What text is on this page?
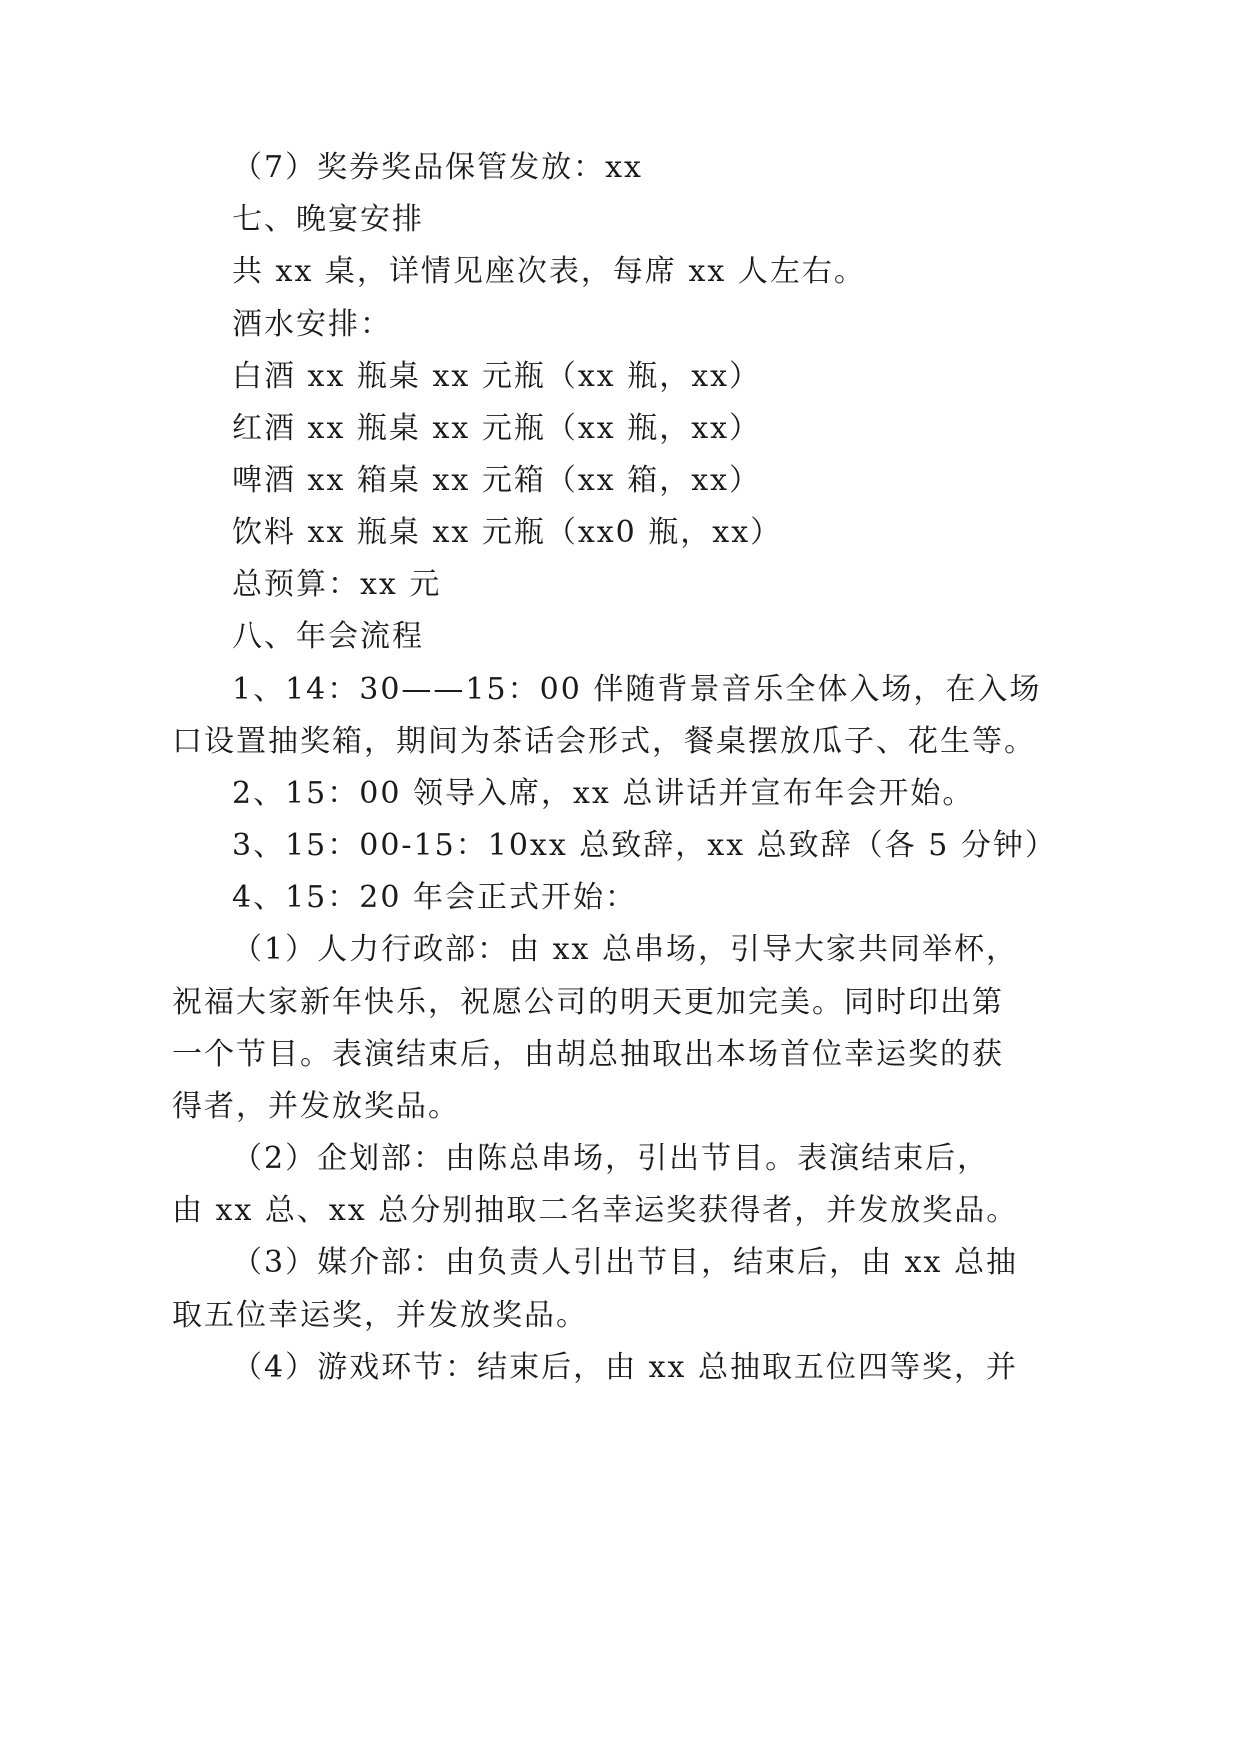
（7）奖券奖品保管发放：xx
七、晚宴安排
共 xx 桌，详情见座次表，每席 xx 人左右。
酒水安排：
白酒 xx 瓶桌 xx 元瓶（xx 瓶，xx）
红酒 xx 瓶桌 xx 元瓶（xx 瓶，xx）
啤酒 xx 箱桌 xx 元箱（xx 箱，xx）
饮料 xx 瓶桌 xx 元瓶（xx0 瓶，xx）
总预算：xx 元
八、年会流程
1、14：30——15：00 伴随背景音乐全体入场，在入场
口设置抽奖箱，期间为茶话会形式，餐桌摆放瓜子、花生等。
2、15：00 领导入席，xx 总讲话并宣布年会开始。
3、15：00-15：10xx 总致辞，xx 总致辞（各 5 分钟）
4、15：20 年会正式开始：
（1）人力行政部：由 xx 总串场，引导大家共同举杯，
祝福大家新年快乐，祝愿公司的明天更加完美。同时印出第
一个节目。表演结束后，由胡总抽取出本场首位幸运奖的获
得者，并发放奖品。
（2）企划部：由陈总串场，引出节目。表演结束后，
由 xx 总、xx 总分别抽取二名幸运奖获得者，并发放奖品。
（3）媒介部：由负责人引出节目，结束后，由 xx 总抽
取五位幸运奖，并发放奖品。
（4）游戏环节：结束后，由 xx 总抽取五位四等奖，并
